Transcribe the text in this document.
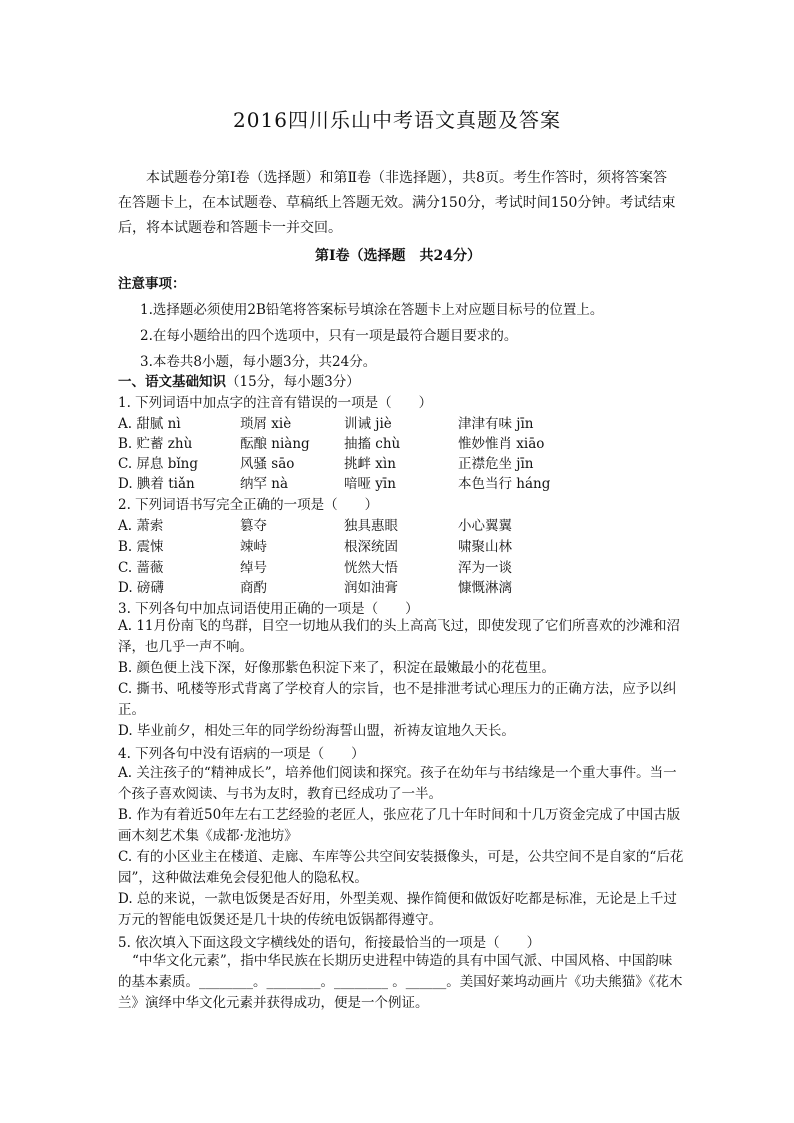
2016四川乐山中考语文真题及答案
本试题卷分第Ⅰ卷（选择题）和第Ⅱ卷（非选择题），共8页。考生作答时，须将答案答在答题卡上，在本试题卷、草稿纸上答题无效。满分150分，考试时间150分钟。考试结束后，将本试题卷和答题卡一并交回。
第Ⅰ卷（选择题　共24分）
注意事项：
1.选择题必须使用2B铅笔将答案标号填涂在答题卡上对应题目标号的位置上。
2.在每小题给出的四个选项中，只有一项是最符合题目要求的。
3.本卷共8小题，每小题3分，共24分。
一、语文基础知识（15分，每小题3分）
1. 下列词语中加点字的注音有错误的一项是（　　）
A. 甜腻 nì	琐屑 xiè	训诫 jiè	津津有味 jīn
B. 贮蓄 zhù	酝酿 niàng	抽搐 chù	惟妙惟肖 xiāo
C. 屏息 bǐng	风骚 sāo	挑衅 xìn	正襟危坐 jīn
D. 腆着 tiǎn	纳罕 nà	喑哑 yīn	本色当行 háng
2. 下列词语书写完全正确的一项是（　　）
A. 萧索	篡夺	独具惠眼	小心翼翼
B. 震悚	竦峙	根深统固	啸聚山林
C. 蔷薇	绰号	恍然大悟	浑为一谈
D. 磅礴	商酌	润如油膏	慷慨淋漓
3. 下列各句中加点词语使用正确的一项是（　　）
A. 11月份南飞的鸟群，目空一切地从我们的头上高高飞过，即使发现了它们所喜欢的沙滩和沼泽，也几乎一声不响。
B. 颜色便上浅下深，好像那紫色积淀下来了，积淀在最嫩最小的花苞里。
C. 撕书、吼楼等形式背离了学校育人的宗旨，也不是排泄考试心理压力的正确方法，应予以纠正。
D. 毕业前夕，相处三年的同学纷纷海誓山盟，祈祷友谊地久天长。
4. 下列各句中没有语病的一项是（　　）
A. 关注孩子的“精神成长”，培养他们阅读和探究。孩子在幼年与书结缘是一个重大事件。当一个孩子喜欢阅读、与书为友时，教育已经成功了一半。
B. 作为有着近50年左右工艺经验的老匠人，张应花了几十年时间和十几万资金完成了中国古版画木刻艺术集《成都·龙池坊》
C. 有的小区业主在楼道、走廊、车库等公共空间安装摄像头，可是，公共空间不是自家的“后花园”，这种做法难免会侵犯他人的隐私权。
D. 总的来说，一款电饭煲是否好用，外型美观、操作简便和做饭好吃都是标准，无论是上千过万元的智能电饭煲还是几十块的传统电饭锅都得遵守。
5. 依次填入下面这段文字横线处的语句，衔接最恰当的一项是（　　）
“中华文化元素”，指中华民族在长期历史进程中铸造的具有中国气派、中国风格、中国韵味的基本素质。________。________。________ 。______。美国好莱坞动画片《功夫熊猫》《花木兰》演绎中华文化元素并获得成功，便是一个例证。
